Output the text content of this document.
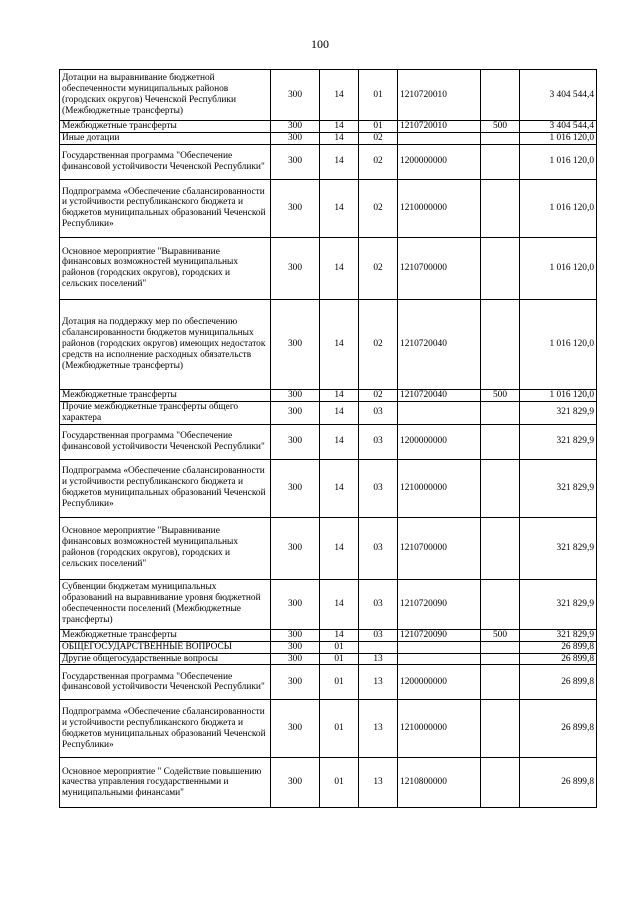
100
Дотации на выравнивание бюджетной обеспеченности муниципальных районов (городских округов) Чеченской Республики (Межбюджетные трансферты)	300	14	01	1210720010		3 404 544,4
Межбюджетные трансферты	300	14	01	1210720010	500	3 404 544,4
Иные дотации	300	14	02			1 016 120,0
Государственная программа "Обеспечение финансовой устойчивости Чеченской Республики"	300	14	02	1200000000		1 016 120,0
Подпрограмма «Обеспечение сбалансированности и устойчивости республиканского бюджета и бюджетов муниципальных образований Чеченской Республики»	300	14	02	1210000000		1 016 120,0
Основное мероприятие "Выравнивание финансовых возможностей муниципальных районов (городских округов), городских и сельских поселений"	300	14	02	1210700000		1 016 120,0
Дотация на поддержку мер по обеспечению сбалансированности бюджетов муниципальных районов (городских округов) имеющих недостаток средств на исполнение расходных обязательств (Межбюджетные трансферты)	300	14	02	1210720040		1 016 120,0
Межбюджетные трансферты	300	14	02	1210720040	500	1 016 120,0
Прочие межбюджетные трансферты общего характера	300	14	03			321 829,9
Государственная программа "Обеспечение финансовой устойчивости Чеченской Республики"	300	14	03	1200000000		321 829,9
Подпрограмма «Обеспечение сбалансированности и устойчивости республиканского бюджета и бюджетов муниципальных образований Чеченской Республики»	300	14	03	1210000000		321 829,9
Основное мероприятие "Выравнивание финансовых возможностей муниципальных районов (городских округов), городских и сельских поселений"	300	14	03	1210700000		321 829,9
Субвенции бюджетам муниципальных образований на выравнивание уровня бюджетной обеспеченности поселений (Межбюджетные трансферты)	300	14	03	1210720090		321 829,9
Межбюджетные трансферты	300	14	03	1210720090	500	321 829,9
ОБЩЕГОСУДАРСТВЕННЫЕ ВОПРОСЫ	300	01				26 899,8
Другие общегосударственные вопросы	300	01	13			26 899,8
Государственная программа "Обеспечение финансовой устойчивости Чеченской Республики"	300	01	13	1200000000		26 899,8
Подпрограмма «Обеспечение сбалансированности и устойчивости республиканского бюджета и бюджетов муниципальных образований Чеченской Республики»	300	01	13	1210000000		26 899,8
Основное мероприятие " Содействие повышению качества управления государственными и муниципальными финансами"	300	01	13	1210800000		26 899,8
